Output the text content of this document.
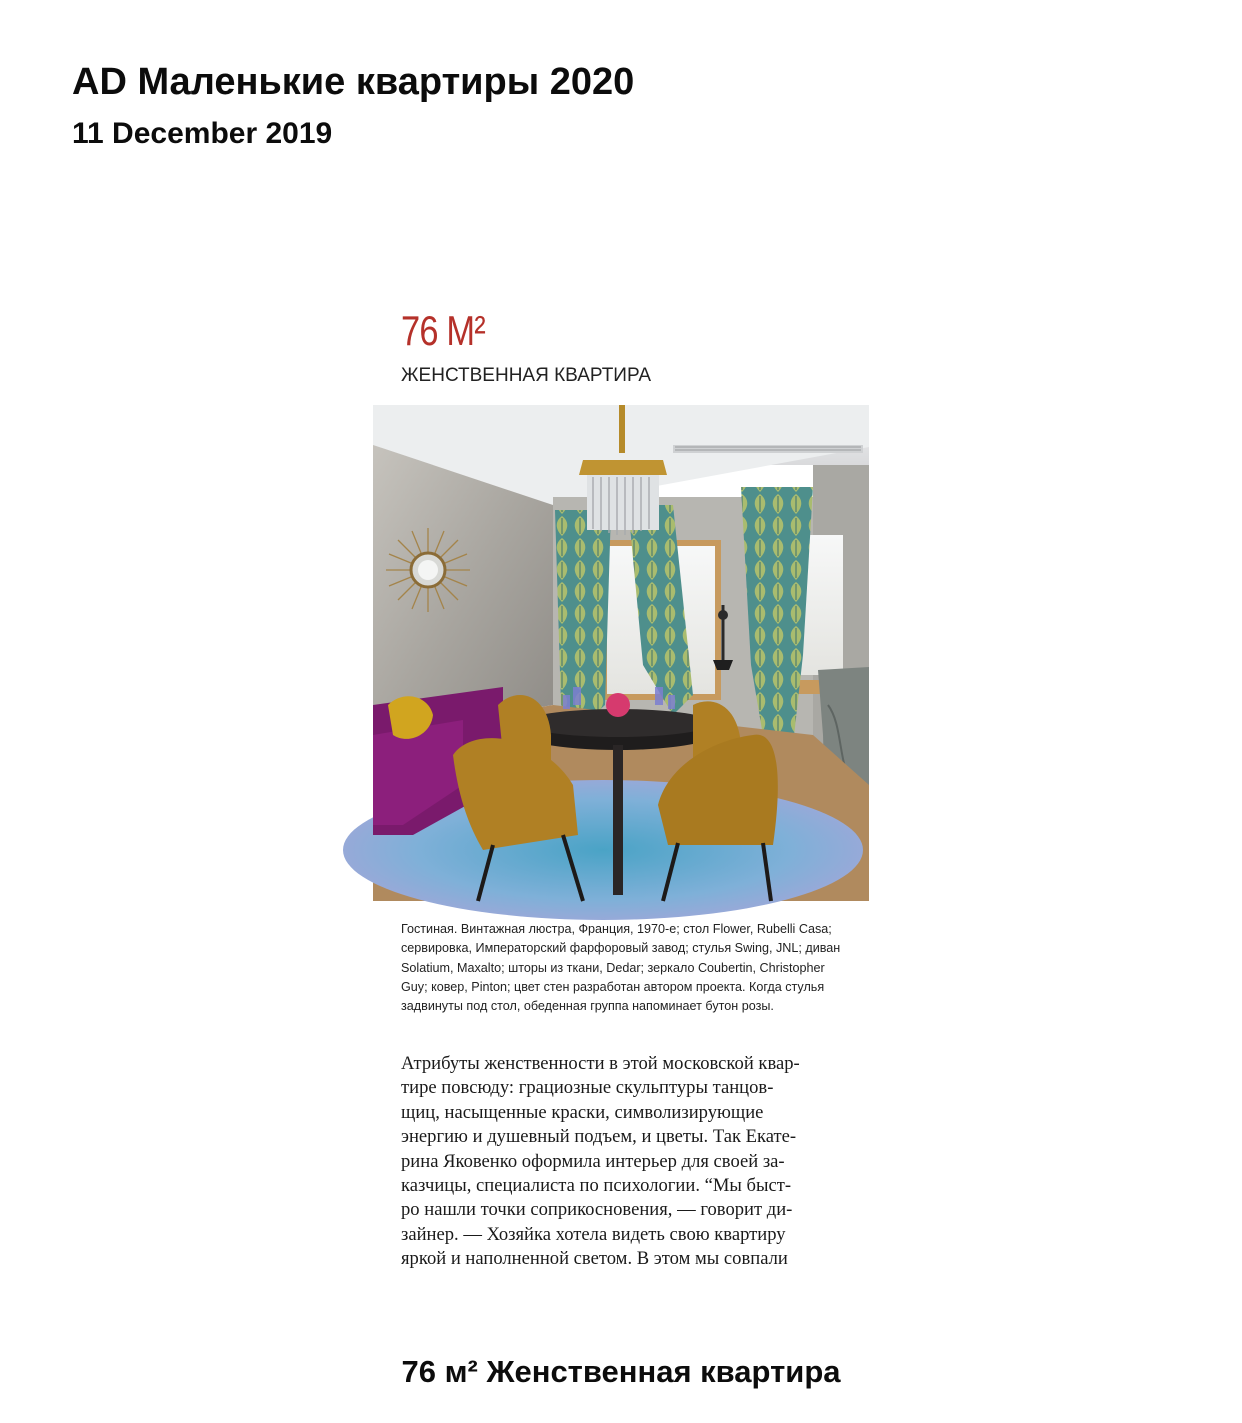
AD Маленькие квартиры 2020
11 December 2019
76 М²
ЖЕНСТВЕННАЯ КВАРТИРА
Гостиная. Винтажная люстра, Франция, 1970-е; стол Flower, Rubelli Casa; сервировка, Императорский фарфоровый завод; стулья Swing, JNL; диван Solatium, Maxalto; шторы из ткани, Dedar; зеркало Coubertin, Christopher Guy; ковер, Pinton; цвет стен разработан автором проекта. Когда стулья задвинуты под стол, обеденная группа напоминает бутон розы.
Атрибуты женственности в этой московской квар-
тире повсюду: грациозные скульптуры танцов-
щиц, насыщенные краски, символизирующие
энергию и душевный подъем, и цветы. Так Екате-
рина Яковенко оформила интерьер для своей за-
казчицы, специалиста по психологии. “Мы быст-
ро нашли точки соприкосновения, — говорит ди-
зайнер. — Хозяйка хотела видеть свою квартиру
яркой и наполненной светом. В этом мы совпали
76 м² Женственная квартира
